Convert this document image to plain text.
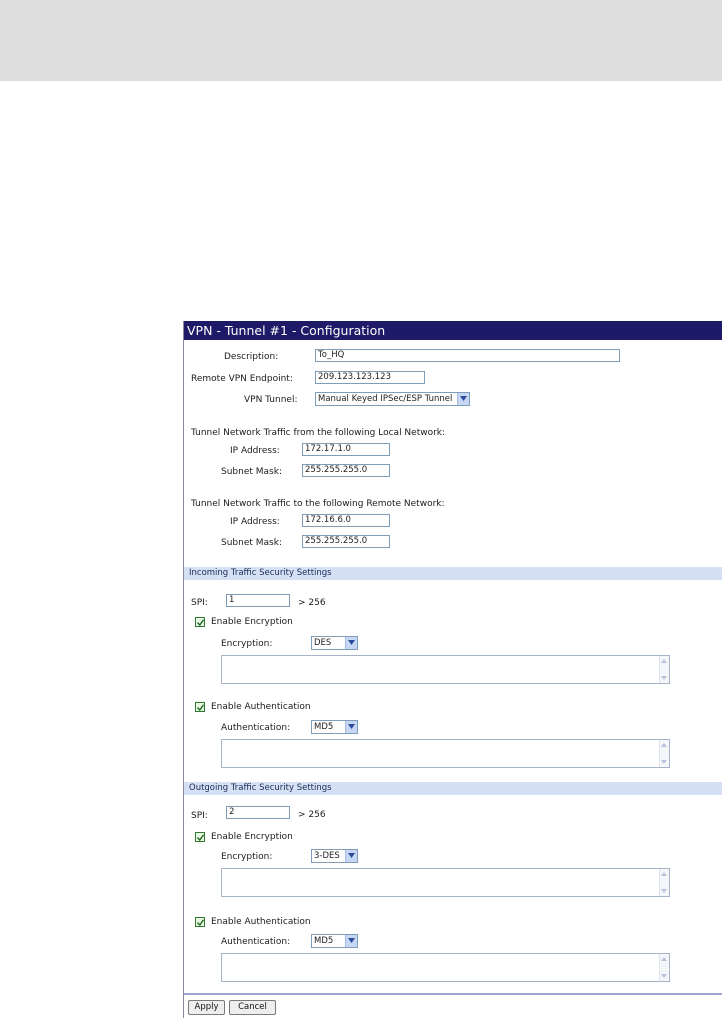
VPN - Tunnel #1 - Configuration
Description:	To_HQ
Remote VPN Endpoint:	209.123.123.123
VPN Tunnel:	Manual Keyed IPSec/ESP Tunnel
Tunnel Network Traffic from the following Local Network:
IP Address:	172.17.1.0
Subnet Mask:	255.255.255.0
Tunnel Network Traffic to the following Remote Network:
IP Address:	172.16.6.0
Subnet Mask:	255.255.255.0
Incoming Traffic Security Settings
SPI:	1	> 256
Enable Encryption
Encryption:	DES
Enable Authentication
Authentication:	MD5
Outgoing Traffic Security Settings
SPI:	2	> 256
Enable Encryption
Encryption:	3-DES
Enable Authentication
Authentication:	MD5
Apply	Cancel
